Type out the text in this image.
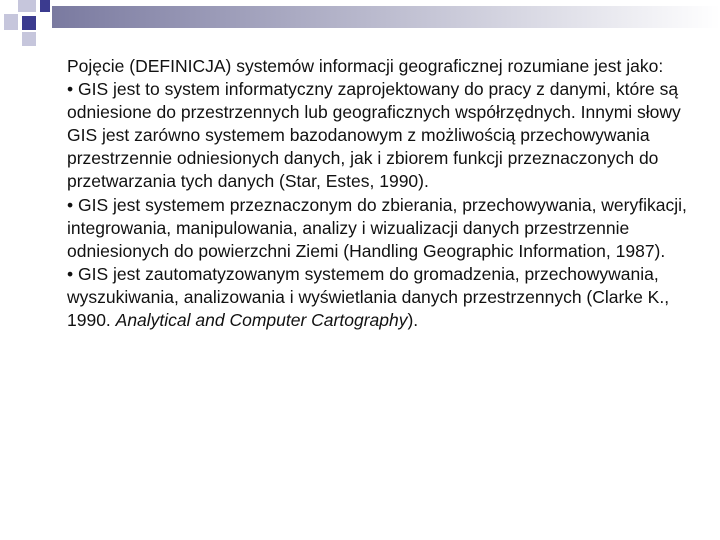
Pojęcie (DEFINICJA) systemów informacji geograficznej rozumiane jest jako:

• GIS jest to system informatyczny zaprojektowany do pracy z danymi, które są odniesione do przestrzennych lub geograficznych współrzędnych. Innymi słowy GIS jest zarówno systemem bazodanowym z możliwością przechowywania przestrzennie odniesionych danych, jak i zbiorem funkcji przeznaczonych do przetwarzania tych danych (Star, Estes, 1990).

• GIS jest systemem przeznaczonym do zbierania, przechowywania, weryfikacji, integrowania, manipulowania, analizy i wizualizacji danych przestrzennie odniesionych do powierzchni Ziemi (Handling Geographic Information, 1987).

• GIS jest zautomatyzowanym systemem do gromadzenia, przechowywania, wyszukiwania, analizowania i wyświetlania danych przestrzennych (Clarke K., 1990. Analytical and Computer Cartography).
